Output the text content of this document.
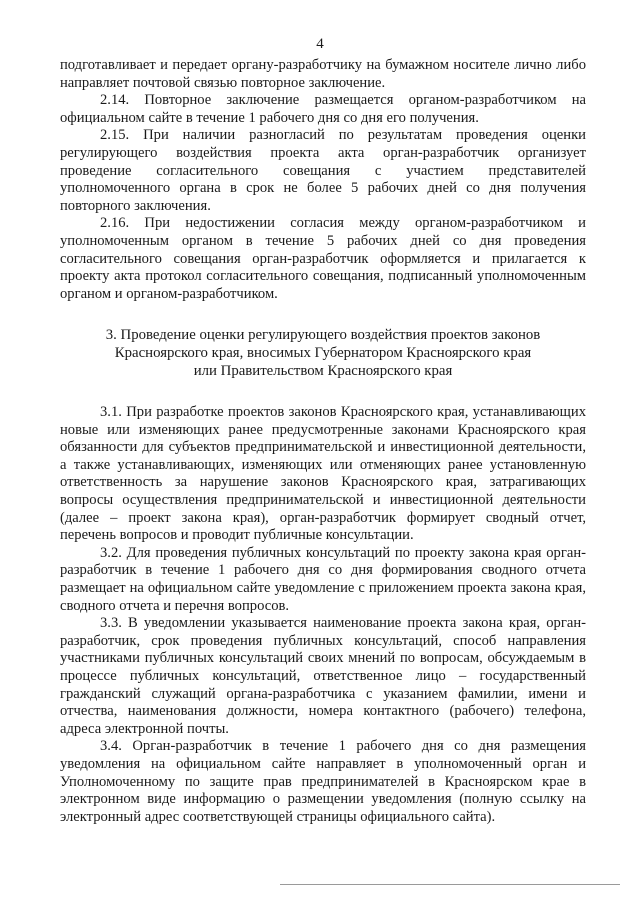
4

подготавливает и передает органу-разработчику на бумажном носителе лично либо направляет почтовой связью повторное заключение.

2.14. Повторное заключение размещается органом-разработчиком на официальном сайте в течение 1 рабочего дня со дня его получения.

2.15. При наличии разногласий по результатам проведения оценки регулирующего воздействия проекта акта орган-разработчик организует проведение согласительного совещания с участием представителей уполномоченного органа в срок не более 5 рабочих дней со дня получения повторного заключения.

2.16. При недостижении согласия между органом-разработчиком и уполномоченным органом в течение 5 рабочих дней со дня проведения согласительного совещания орган-разработчик оформляется и прилагается к проекту акта протокол согласительного совещания, подписанный уполномоченным органом и органом-разработчиком.

3. Проведение оценки регулирующего воздействия проектов законов

Красноярского края, вносимых Губернатором Красноярского края

или Правительством Красноярского края

3.1. При разработке проектов законов Красноярского края, устанавливающих новые или изменяющих ранее предусмотренные законами Красноярского края обязанности для субъектов предпринимательской и инвестиционной деятельности, а также устанавливающих, изменяющих или отменяющих ранее установленную ответственность за нарушение законов Красноярского края, затрагивающих вопросы осуществления предпринимательской и инвестиционной деятельности (далее – проект закона края), орган-разработчик формирует сводный отчет, перечень вопросов и проводит публичные консультации.

3.2. Для проведения публичных консультаций по проекту закона края орган-разработчик в течение 1 рабочего дня со дня формирования сводного отчета размещает на официальном сайте уведомление с приложением проекта закона края, сводного отчета и перечня вопросов.

3.3. В уведомлении указывается наименование проекта закона края, орган-разработчик, срок проведения публичных консультаций, способ направления участниками публичных консультаций своих мнений по вопросам, обсуждаемым в процессе публичных консультаций, ответственное лицо – государственный гражданский служащий органа-разработчика с указанием фамилии, имени и отчества, наименования должности, номера контактного (рабочего) телефона, адреса электронной почты.

3.4. Орган-разработчик в течение 1 рабочего дня со дня размещения уведомления на официальном сайте направляет в уполномоченный орган и Уполномоченному по защите прав предпринимателей в Красноярском крае в электронном виде информацию о размещении уведомления (полную ссылку на электронный адрес соответствующей страницы официального сайта).
